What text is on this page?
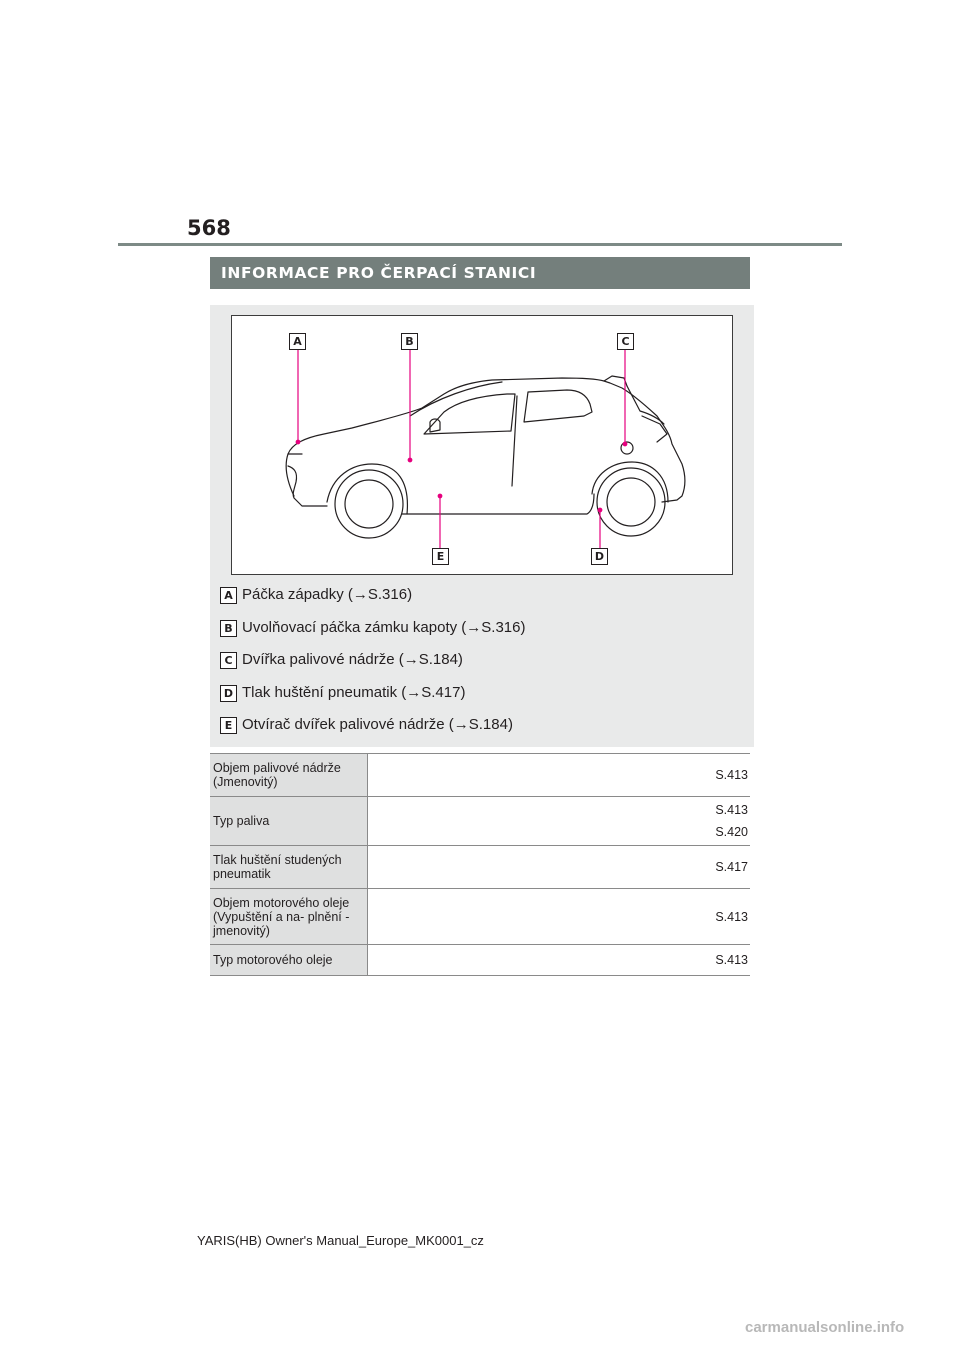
568
INFORMACE PRO ČERPACÍ STANICI
A	B	C
D
E
A Páčka západky (→S.316)
B Uvolňovací páčka zámku kapoty (→S.316)
C Dvířka palivové nádrže (→S.184)
D Tlak huštění pneumatik (→S.417)
E Otvírač dvířek palivové nádrže (→S.184)
Objem palivové nádrže (Jmenovitý)	S.413

Typ paliva	S.413
S.420

Tlak huštění studených pneumatik	S.417

Objem motorového oleje (Vypuštění a na- plnění - jmenovitý)	S.413

Typ motorového oleje	S.413
YARIS(HB) Owner's Manual_Europe_MK0001_cz
carmanualsonline.info
